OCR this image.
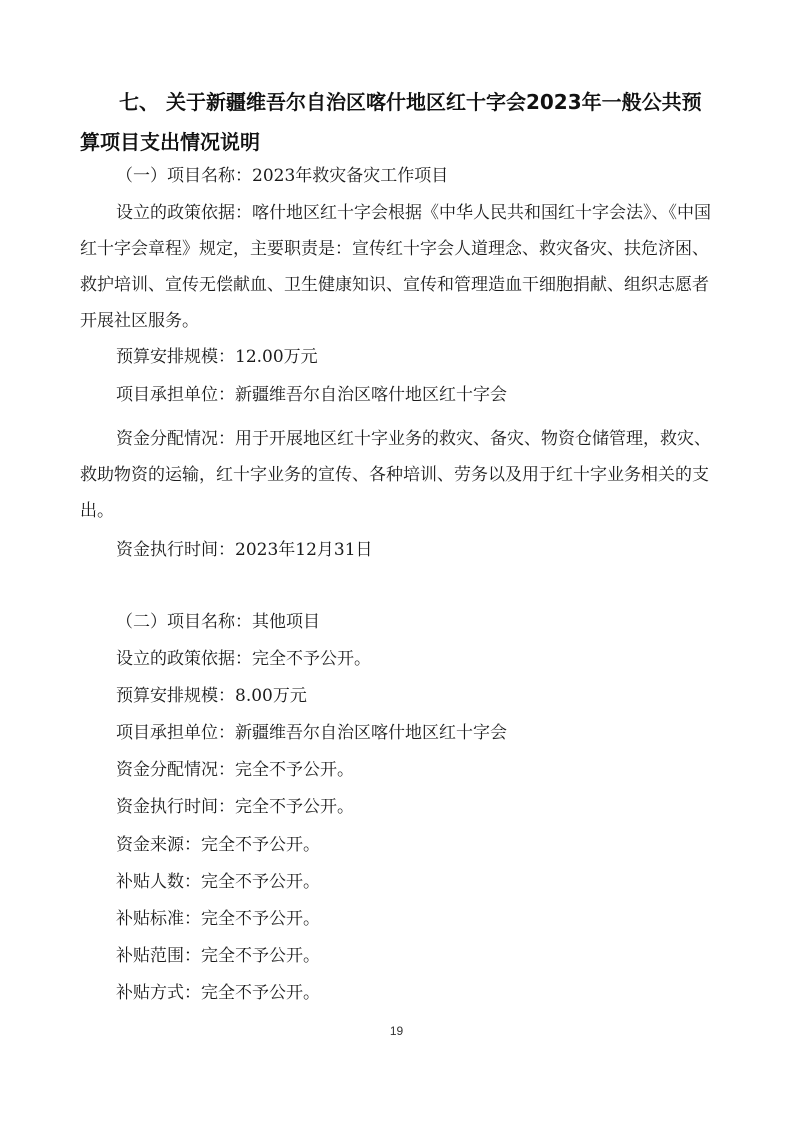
七、 关于新疆维吾尔自治区喀什地区红十字会2023年一般公共预算项目支出情况说明

（一）项目名称：2023年救灾备灾工作项目

设立的政策依据：喀什地区红十字会根据《中华人民共和国红十字会法》、《中国红十字会章程》规定，主要职责是：宣传红十字会人道理念、救灾备灾、扶危济困、救护培训、宣传无偿献血、卫生健康知识、宣传和管理造血干细胞捐献、组织志愿者开展社区服务。

预算安排规模：12.00万元

项目承担单位：新疆维吾尔自治区喀什地区红十字会

资金分配情况：用于开展地区红十字业务的救灾、备灾、物资仓储管理，救灾、救助物资的运输，红十字业务的宣传、各种培训、劳务以及用于红十字业务相关的支出。

资金执行时间：2023年12月31日

（二）项目名称：其他项目

设立的政策依据：完全不予公开。

预算安排规模：8.00万元

项目承担单位：新疆维吾尔自治区喀什地区红十字会

资金分配情况：完全不予公开。

资金执行时间：完全不予公开。

资金来源：完全不予公开。

补贴人数：完全不予公开。

补贴标准：完全不予公开。

补贴范围：完全不予公开。

补贴方式：完全不予公开。

19
